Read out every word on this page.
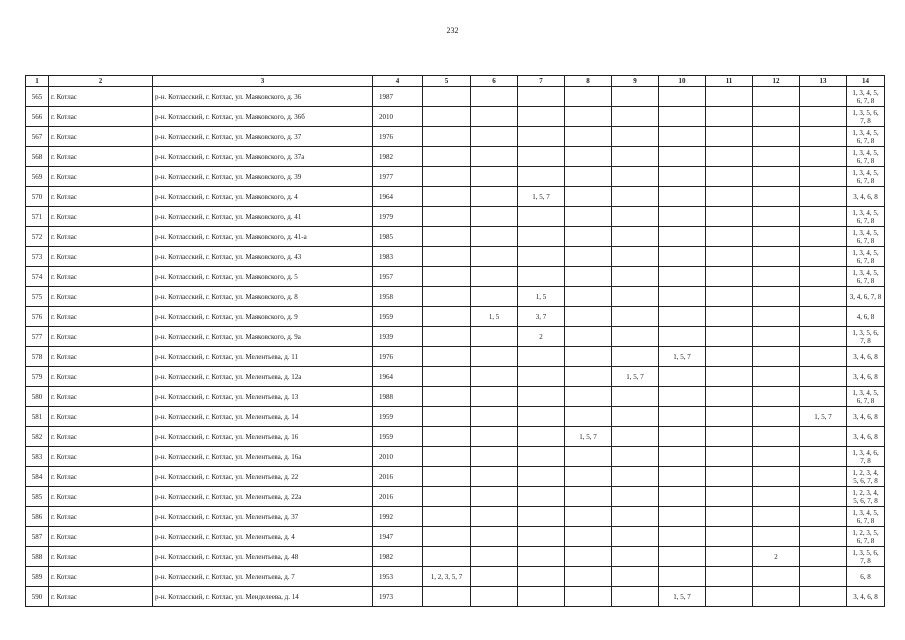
232
1	2	3	4	5	6	7	8	9	10	11	12	13	14
565	г. Котлас	р-н. Котласский, г. Котлас, ул. Маяковского, д. 36	1987										1, 3, 4, 5, 6, 7, 8
566	г. Котлас	р-н. Котласский, г. Котлас, ул. Маяковского, д. 36б	2010										1, 3, 5, 6, 7, 8
567	г. Котлас	р-н. Котласский, г. Котлас, ул. Маяковского, д. 37	1976										1, 3, 4, 5, 6, 7, 8
568	г. Котлас	р-н. Котласский, г. Котлас, ул. Маяковского, д. 37а	1982										1, 3, 4, 5, 6, 7, 8
569	г. Котлас	р-н. Котласский, г. Котлас, ул. Маяковского, д. 39	1977										1, 3, 4, 5, 6, 7, 8
570	г. Котлас	р-н. Котласский, г. Котлас, ул. Маяковского, д. 4	1964			1, 5, 7							3, 4, 6, 8
571	г. Котлас	р-н. Котласский, г. Котлас, ул. Маяковского, д. 41	1979										1, 3, 4, 5, 6, 7, 8
572	г. Котлас	р-н. Котласский, г. Котлас, ул. Маяковского, д. 41-а	1985										1, 3, 4, 5, 6, 7, 8
573	г. Котлас	р-н. Котласский, г. Котлас, ул. Маяковского, д. 43	1983										1, 3, 4, 5, 6, 7, 8
574	г. Котлас	р-н. Котласский, г. Котлас, ул. Маяковского, д. 5	1957										1, 3, 4, 5, 6, 7, 8
575	г. Котлас	р-н. Котласский, г. Котлас, ул. Маяковского, д. 8	1958			1, 5							3, 4, 6, 7, 8
576	г. Котлас	р-н. Котласский, г. Котлас, ул. Маяковского, д. 9	1959		1, 5	3, 7							4, 6, 8
577	г. Котлас	р-н. Котласский, г. Котлас, ул. Маяковского, д. 9а	1939			2							1, 3, 5, 6, 7, 8
578	г. Котлас	р-н. Котласский, г. Котлас, ул. Мелентьева, д. 11	1976						1, 5, 7				3, 4, 6, 8
579	г. Котлас	р-н. Котласский, г. Котлас, ул. Мелентьева, д. 12а	1964					1, 5, 7					3, 4, 6, 8
580	г. Котлас	р-н. Котласский, г. Котлас, ул. Мелентьева, д. 13	1988										1, 3, 4, 5, 6, 7, 8
581	г. Котлас	р-н. Котласский, г. Котлас, ул. Мелентьева, д. 14	1959									1, 5, 7	3, 4, 6, 8
582	г. Котлас	р-н. Котласский, г. Котлас, ул. Мелентьева, д. 16	1959				1, 5, 7						3, 4, 6, 8
583	г. Котлас	р-н. Котласский, г. Котлас, ул. Мелентьева, д. 16а	2010										1, 3, 4, 6, 7, 8
584	г. Котлас	р-н. Котласский, г. Котлас, ул. Мелентьева, д. 22	2016										1, 2, 3, 4, 5, 6, 7, 8
585	г. Котлас	р-н. Котласский, г. Котлас, ул. Мелентьева, д. 22а	2016										1, 2, 3, 4, 5, 6, 7, 8
586	г. Котлас	р-н. Котласский, г. Котлас, ул. Мелентьева, д. 37	1992										1, 3, 4, 5, 6, 7, 8
587	г. Котлас	р-н. Котласский, г. Котлас, ул. Мелентьева, д. 4	1947										1, 2, 3, 5, 6, 7, 8
588	г. Котлас	р-н. Котласский, г. Котлас, ул. Мелентьева, д. 48	1982								2		1, 3, 5, 6, 7, 8
589	г. Котлас	р-н. Котласский, г. Котлас, ул. Мелентьева, д. 7	1953	1, 2, 3, 5, 7									6, 8
590	г. Котлас	р-н. Котласский, г. Котлас, ул. Менделеева, д. 14	1973						1, 5, 7				3, 4, 6, 8
